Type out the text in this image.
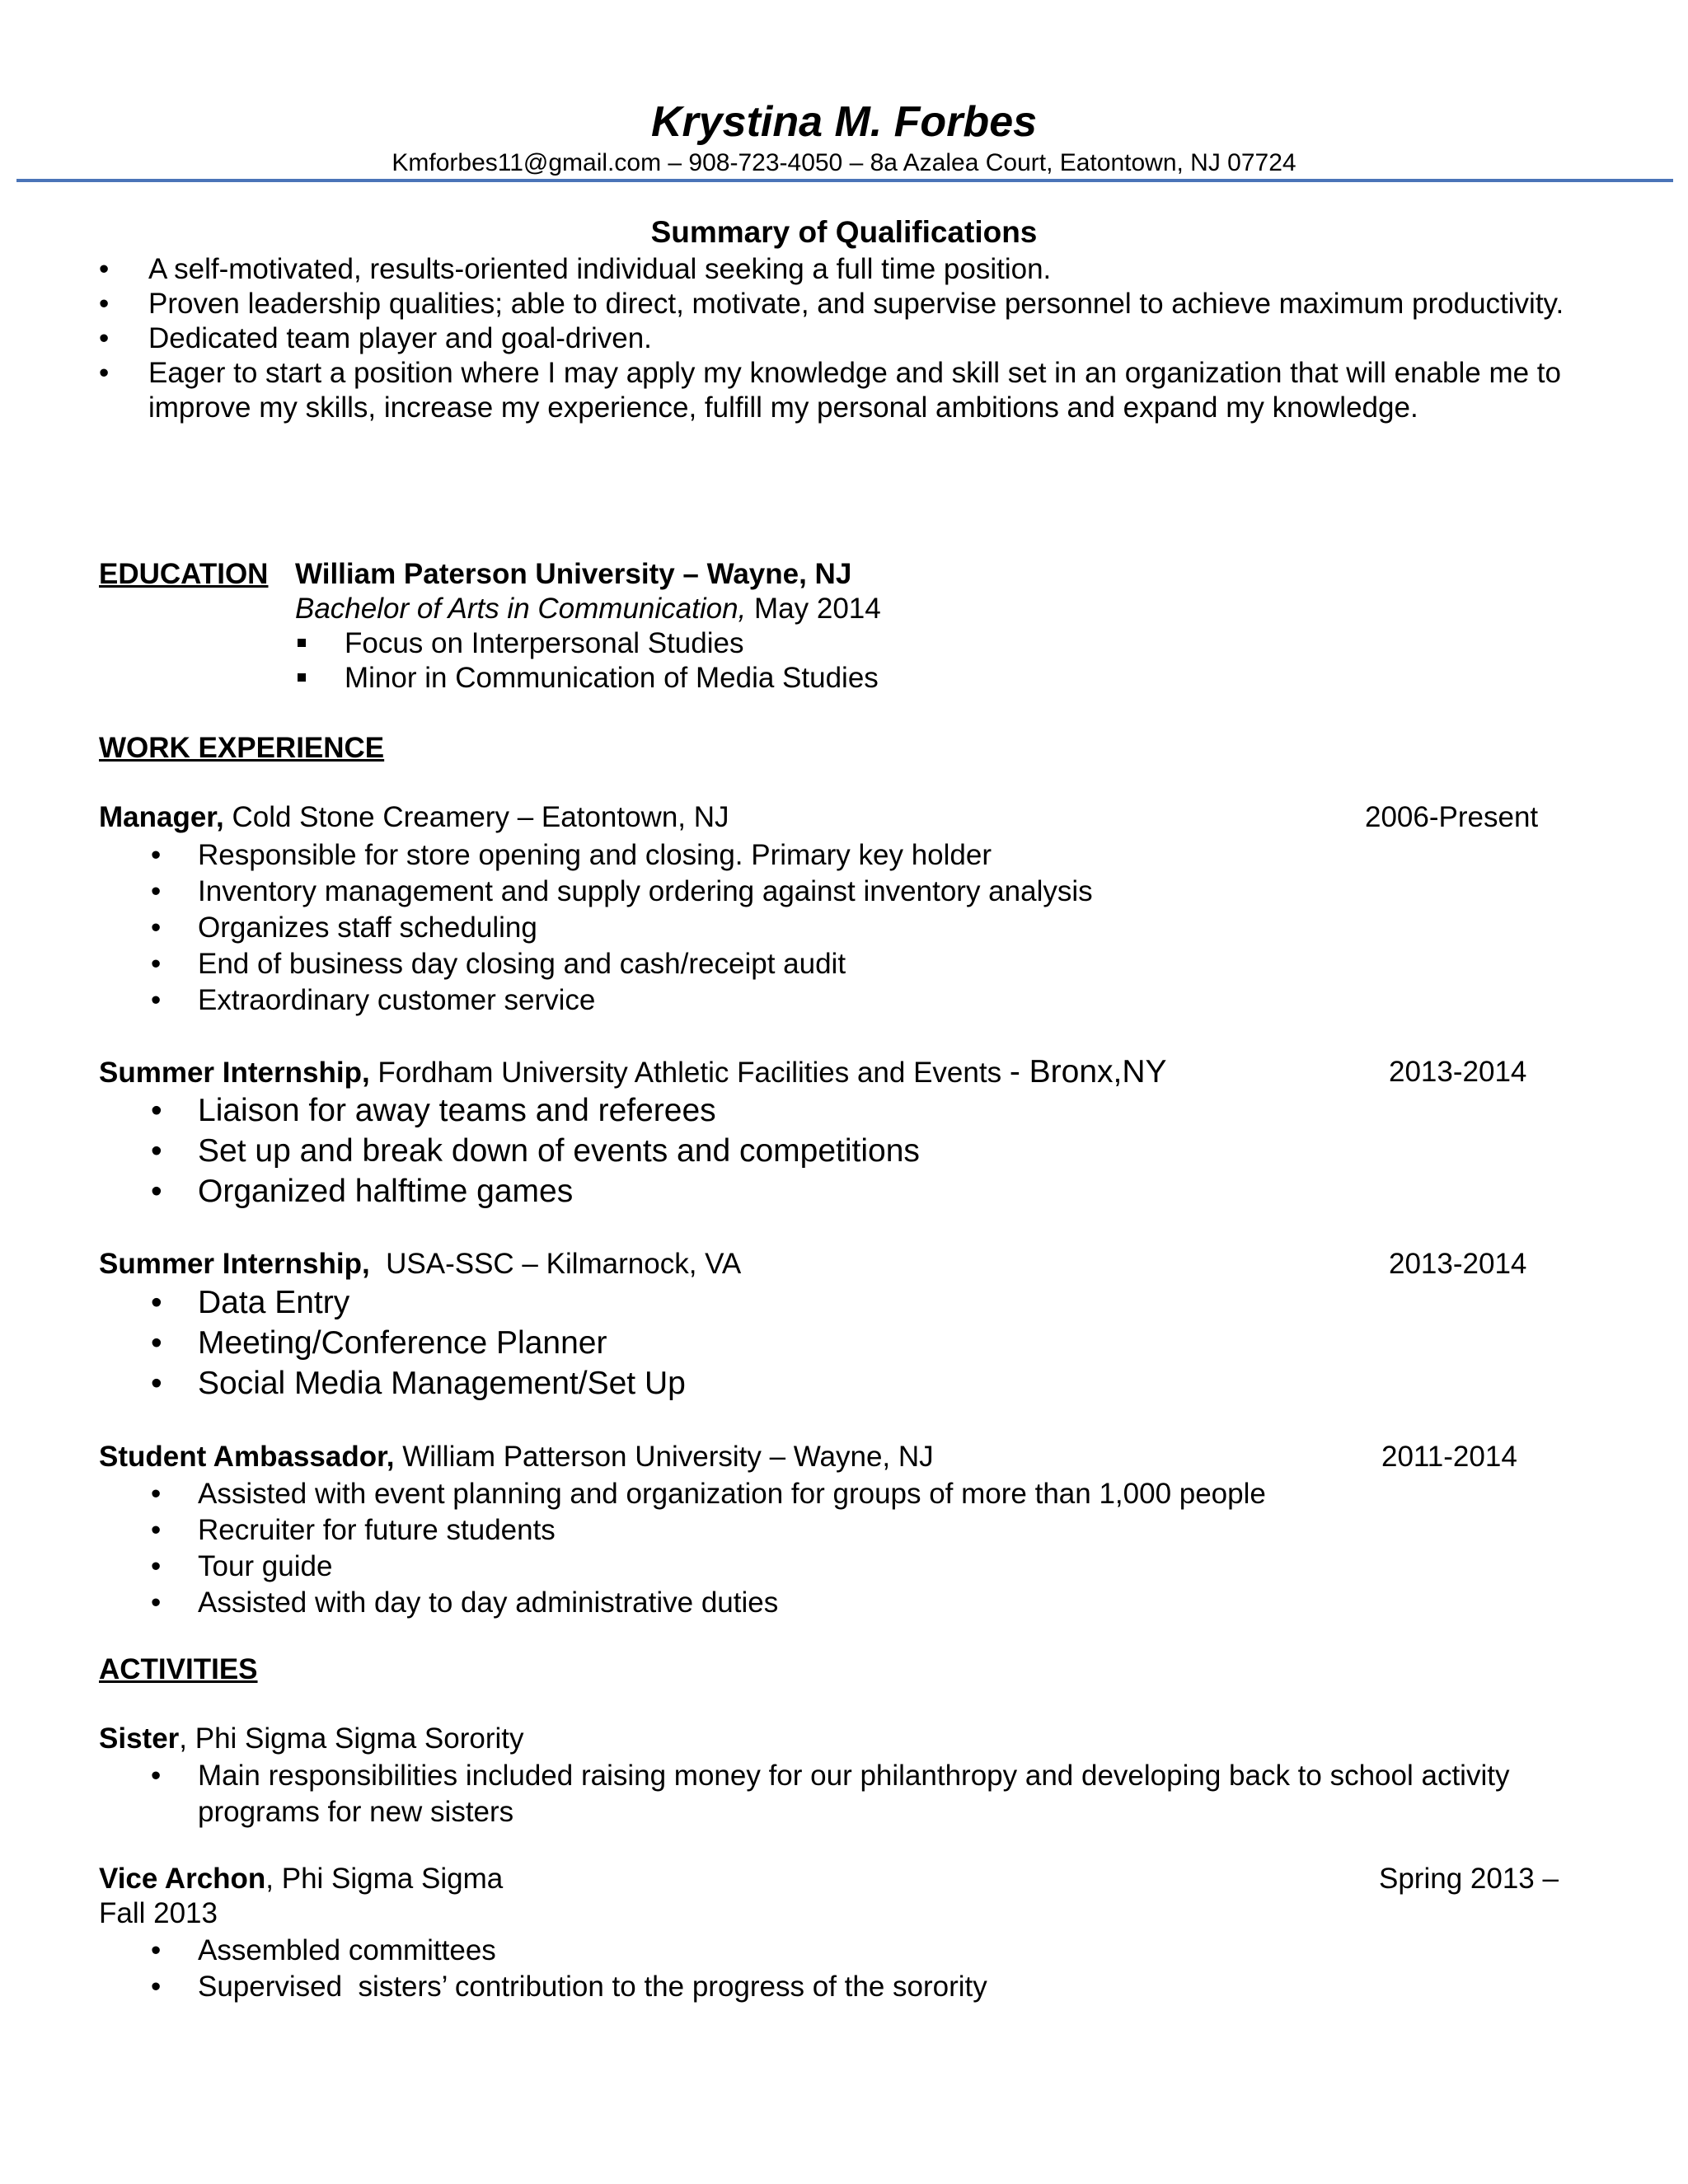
Krystina M. Forbes
Kmforbes11@gmail.com – 908-723-4050 – 8a Azalea Court, Eatontown, NJ 07724
Summary of Qualifications
• A self-motivated, results-oriented individual seeking a full time position.
• Proven leadership qualities; able to direct, motivate, and supervise personnel to achieve maximum productivity.
• Dedicated team player and goal-driven.
• Eager to start a position where I may apply my knowledge and skill set in an organization that will enable me to improve my skills, increase my experience, fulfill my personal ambitions and expand my knowledge.
EDUCATION William Paterson University – Wayne, NJ
Bachelor of Arts in Communication, May 2014
Focus on Interpersonal Studies
Minor in Communication of Media Studies
WORK EXPERIENCE
Manager, Cold Stone Creamery – Eatontown, NJ	2006-Present
• Responsible for store opening and closing. Primary key holder
• Inventory management and supply ordering against inventory analysis
• Organizes staff scheduling
• End of business day closing and cash/receipt audit
• Extraordinary customer service
Summer Internship, Fordham University Athletic Facilities and Events - Bronx,NY	2013-2014
• Liaison for away teams and referees
• Set up and break down of events and competitions
• Organized halftime games
Summer Internship,  USA-SSC – Kilmarnock, VA	2013-2014
• Data Entry
• Meeting/Conference Planner
• Social Media Management/Set Up
Student Ambassador, William Patterson University – Wayne, NJ	2011-2014
• Assisted with event planning and organization for groups of more than 1,000 people
• Recruiter for future students
• Tour guide
• Assisted with day to day administrative duties
ACTIVITIES
Sister, Phi Sigma Sigma Sorority
• Main responsibilities included raising money for our philanthropy and developing back to school activity programs for new sisters
Vice Archon, Phi Sigma Sigma	Spring 2013 –
Fall 2013
• Assembled committees
• Supervised  sisters’ contribution to the progress of the sorority
